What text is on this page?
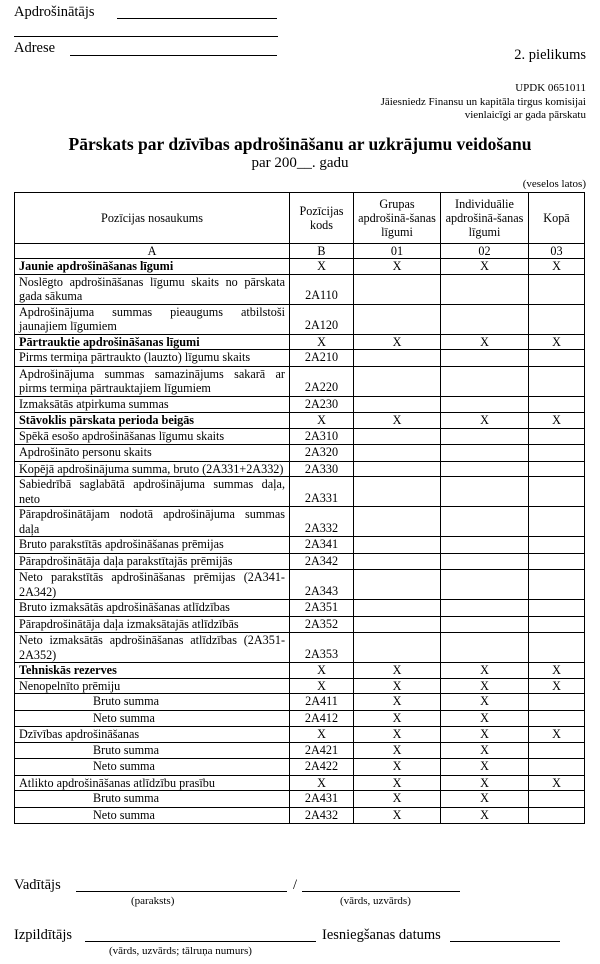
Apdrošinātājs
Adrese	2. pielikums
UPDK 0651011
Jāiesniedz Finansu un kapitāla tirgus komisijai
vienlaicīgi ar gada pārskatu
Pārskats par dzīvības apdrošināšanu ar uzkrājumu veidošanu
par 200__. gadu
(veselos latos)
Pozīcijas nosaukums	Pozīcijas kods	Grupas apdrošinā-šanas līgumi	Individuālie apdrošinā-šanas līgumi	Kopā
A	B	01	02	03
Jaunie apdrošināšanas līgumi	X	X	X	X
Noslēgto apdrošināšanas līgumu skaits no pārskata gada sākuma	2A110			
Apdrošinājuma summas pieaugums atbilstoši jaunajiem līgumiem	2A120			
Pārtrauktie apdrošināšanas līgumi	X	X	X	X
Pirms termiņa pārtraukto (lauzto) līgumu skaits	2A210			
Apdrošinājuma summas samazinājums sakarā ar pirms termiņa pārtrauktajiem līgumiem	2A220			
Izmaksātās atpirkuma summas	2A230			
Stāvoklis pārskata perioda beigās	X	X	X	X
Spēkā esošo apdrošināšanas līgumu skaits	2A310			
Apdrošināto personu skaits	2A320			
Kopējā apdrošinājuma summa, bruto (2A331+2A332)	2A330			
Sabiedrībā saglabātā apdrošinājuma summas daļa, neto	2A331			
Pārapdrošinātājam nodotā apdrošinājuma summas daļa	2A332			
Bruto parakstītās apdrošināšanas prēmijas	2A341			
Pārapdrošinātāja daļa parakstītajās prēmijās	2A342			
Neto parakstītās apdrošināšanas prēmijas (2A341-2A342)	2A343			
Bruto izmaksātās apdrošināšanas atlīdzības	2A351			
Pārapdrošinātāja daļa izmaksātajās atlīdzībās	2A352			
Neto izmaksātās apdrošināšanas atlīdzības (2A351-2A352)	2A353			
Tehniskās rezerves	X	X	X	X
Nenopelnīto prēmiju	X	X	X	X
Bruto summa	2A411	X	X	
Neto summa	2A412	X	X	
Dzīvības apdrošināšanas	X	X	X	X
Bruto summa	2A421	X	X	
Neto summa	2A422	X	X	
Atlikto apdrošināšanas atlīdzību prasību	X	X	X	X
Bruto summa	2A431	X	X	
Neto summa	2A432	X	X	
Vadītājs	/
(paraksts)	(vārds, uzvārds)
Izpildītājs
(vārds, uzvārds; tālruņa numurs)
Iesniegšanas datums
